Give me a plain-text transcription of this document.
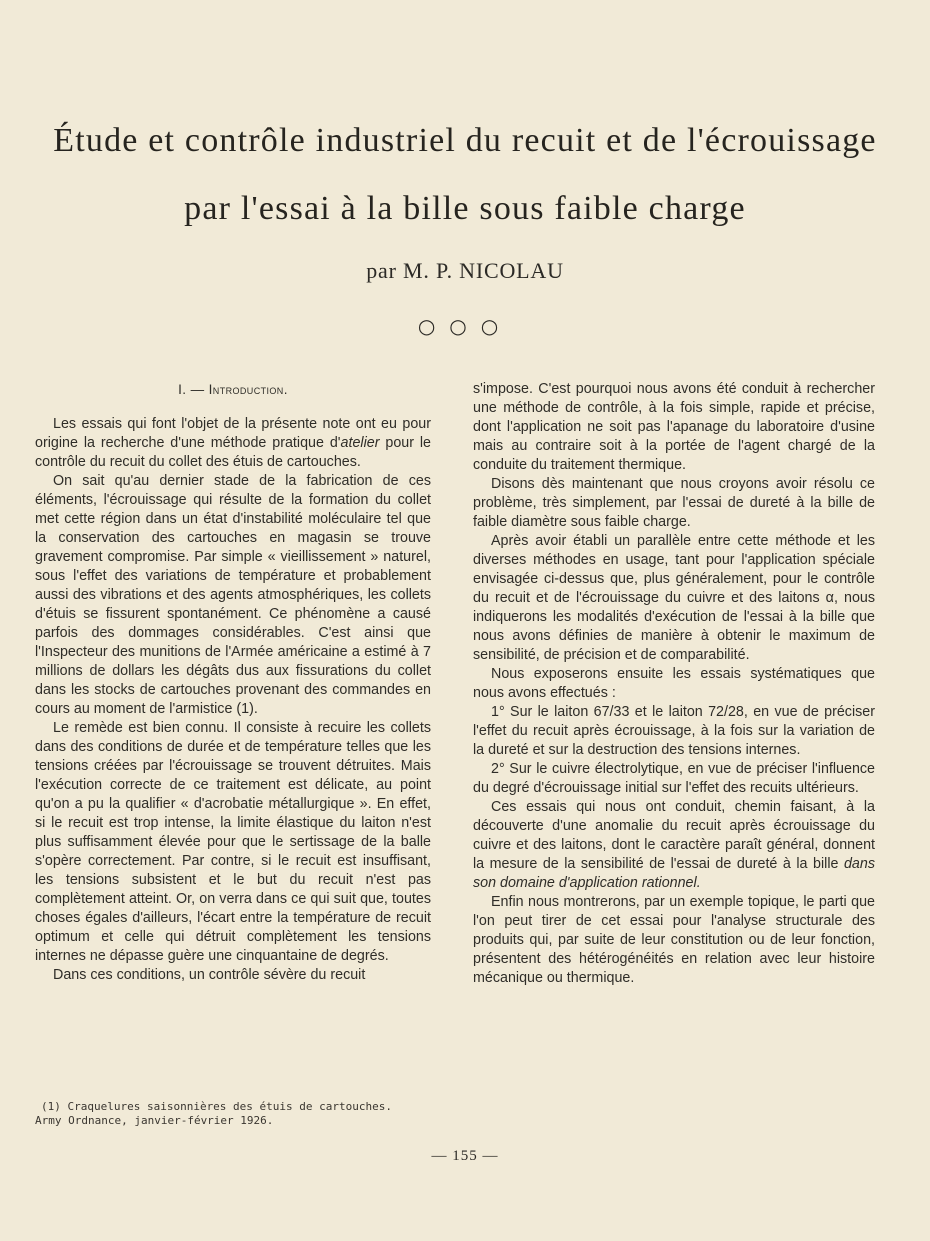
Étude et contrôle industriel du recuit et de l'écrouissage
par l'essai à la bille sous faible charge
par M. P. NICOLAU
○○○
I. — Introduction.

Les essais qui font l'objet de la présente note ont eu pour origine la recherche d'une méthode pratique d'atelier pour le contrôle du recuit du collet des étuis de cartouches.

On sait qu'au dernier stade de la fabrication de ces éléments, l'écrouissage qui résulte de la formation du collet met cette région dans un état d'instabilité moléculaire tel que la conservation des cartouches en magasin se trouve gravement compromise. Par simple « vieillissement » naturel, sous l'effet des variations de température et probablement aussi des vibrations et des agents atmosphériques, les collets d'étuis se fissurent spontanément. Ce phénomène a causé parfois des dommages considérables. C'est ainsi que l'Inspecteur des munitions de l'Armée américaine a estimé à 7 millions de dollars les dégâts dus aux fissurations du collet dans les stocks de cartouches provenant des commandes en cours au moment de l'armistice (1).

Le remède est bien connu. Il consiste à recuire les collets dans des conditions de durée et de température telles que les tensions créées par l'écrouissage se trouvent détruites. Mais l'exécution correcte de ce traitement est délicate, au point qu'on a pu la qualifier « d'acrobatie métallurgique ». En effet, si le recuit est trop intense, la limite élastique du laiton n'est plus suffisamment élevée pour que le sertissage de la balle s'opère correctement. Par contre, si le recuit est insuffisant, les tensions subsistent et le but du recuit n'est pas complètement atteint. Or, on verra dans ce qui suit que, toutes choses égales d'ailleurs, l'écart entre la température de recuit optimum et celle qui détruit complètement les tensions internes ne dépasse guère une cinquantaine de degrés.

Dans ces conditions, un contrôle sévère du recuit

s'impose. C'est pourquoi nous avons été conduit à rechercher une méthode de contrôle, à la fois simple, rapide et précise, dont l'application ne soit pas l'apanage du laboratoire d'usine mais au contraire soit à la portée de l'agent chargé de la conduite du traitement thermique.

Disons dès maintenant que nous croyons avoir résolu ce problème, très simplement, par l'essai de dureté à la bille de faible diamètre sous faible charge.

Après avoir établi un parallèle entre cette méthode et les diverses méthodes en usage, tant pour l'application spéciale envisagée ci-dessus que, plus généralement, pour le contrôle du recuit et de l'écrouissage du cuivre et des laitons α, nous indiquerons les modalités d'exécution de l'essai à la bille que nous avons définies de manière à obtenir le maximum de sensibilité, de précision et de comparabilité.

Nous exposerons ensuite les essais systématiques que nous avons effectués :

1° Sur le laiton 67/33 et le laiton 72/28, en vue de préciser l'effet du recuit après écrouissage, à la fois sur la variation de la dureté et sur la destruction des tensions internes.

2° Sur le cuivre électrolytique, en vue de préciser l'influence du degré d'écrouissage initial sur l'effet des recuits ultérieurs.

Ces essais qui nous ont conduit, chemin faisant, à la découverte d'une anomalie du recuit après écrouissage du cuivre et des laitons, dont le caractère paraît général, donnent la mesure de la sensibilité de l'essai de dureté à la bille dans son domaine d'application rationnel.

Enfin nous montrerons, par un exemple topique, le parti que l'on peut tirer de cet essai pour l'analyse structurale des produits qui, par suite de leur constitution ou de leur fonction, présentent des hétérogénéités en relation avec leur histoire mécanique ou thermique.

(1) Craquelures saisonnières des étuis de cartouches.
Army Ordnance, janvier-février 1926.
— 155 —
